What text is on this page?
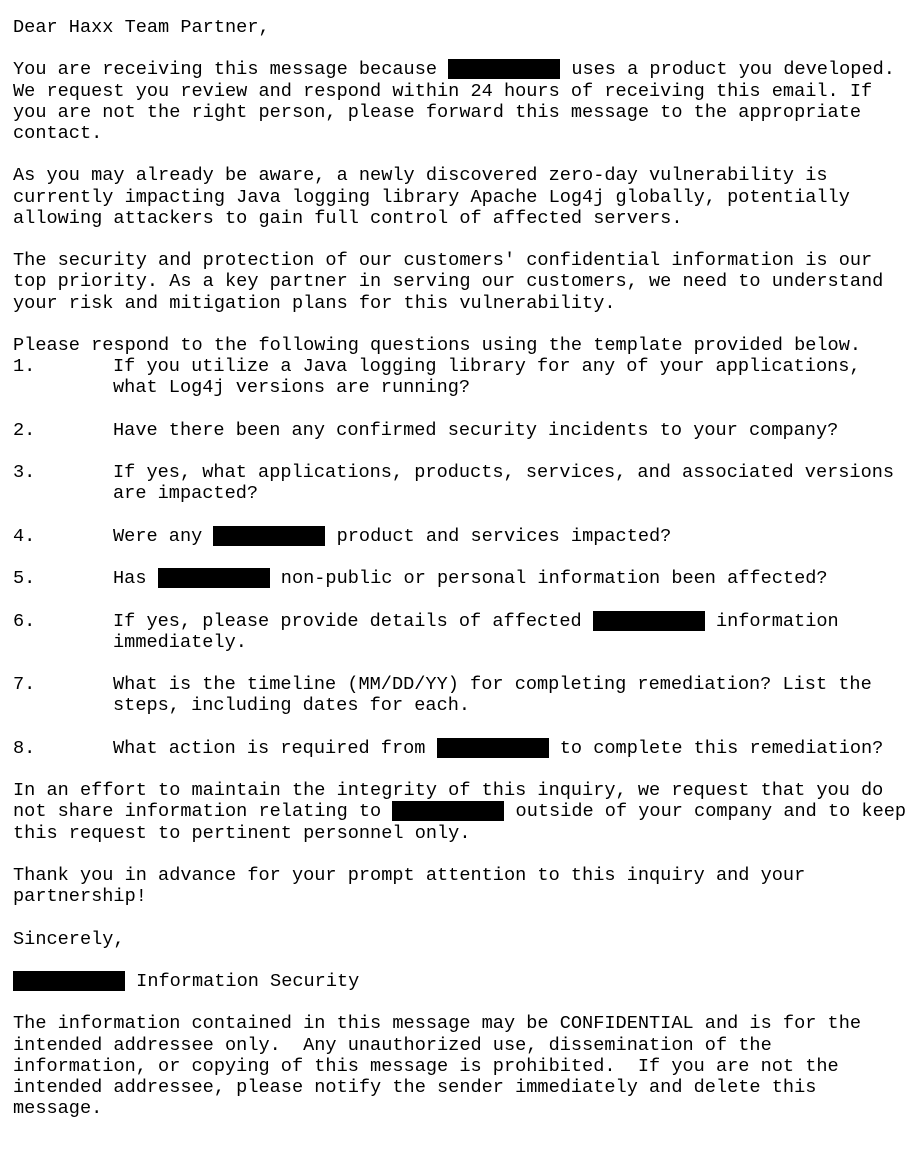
Dear Haxx Team Partner,

You are receiving this message because	uses a product you developed. We request you review and respond within 24 hours of receiving this email. If you are not the right person, please forward this message to the appropriate contact.

As you may already be aware, a newly discovered zero-day vulnerability is currently impacting Java logging library Apache Log4j globally, potentially allowing attackers to gain full control of affected servers.

The security and protection of our customers' confidential information is our top priority. As a key partner in serving our customers, we need to understand your risk and mitigation plans for this vulnerability.

Please respond to the following questions using the template provided below.

1.	If you utilize a Java logging library for any of your applications, what Log4j versions are running?
2.	Have there been any confirmed security incidents to your company?
3.	If yes, what applications, products, services, and associated versions are impacted?
4.	Were any	product and services impacted?
5.	Has	non-public or personal information been affected?
6.	If yes, please provide details of affected	information immediately.
7.	What is the timeline (MM/DD/YY) for completing remediation? List the steps, including dates for each.
8.	What action is required from	to complete this remediation?

In an effort to maintain the integrity of this inquiry, we request that you do not share information relating to	outside of your company and to keep this request to pertinent personnel only.

Thank you in advance for your prompt attention to this inquiry and your partnership!

Sincerely,

Information Security

The information contained in this message may be CONFIDENTIAL and is for the intended addressee only.  Any unauthorized use, dissemination of the information, or copying of this message is prohibited.  If you are not the intended addressee, please notify the sender immediately and delete this message.
